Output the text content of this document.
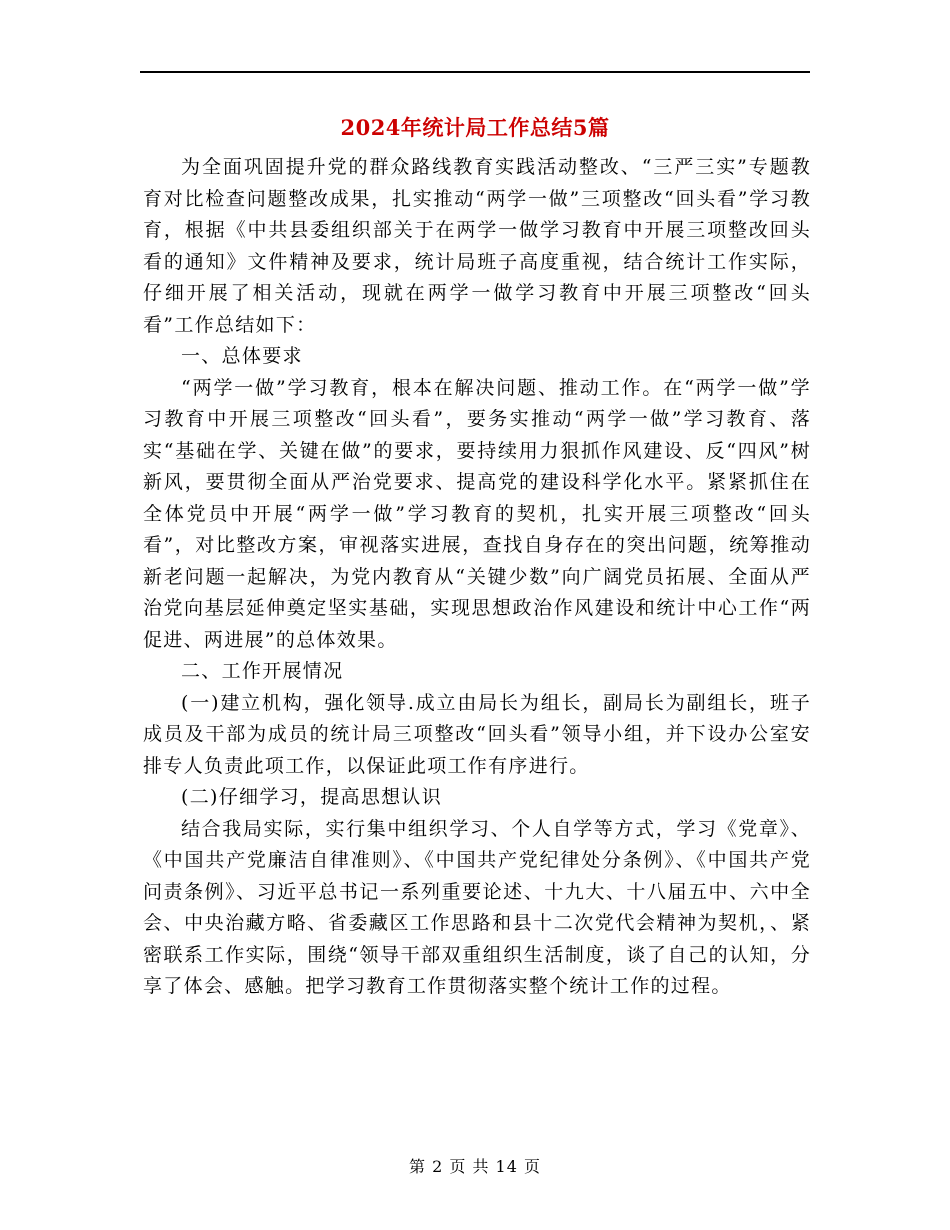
2024年统计局工作总结5篇

为全面巩固提升党的群众路线教育实践活动整改、“三严三实”专题教育对比检查问题整改成果，扎实推动“两学一做”三项整改“回头看”学习教育，根据《中共县委组织部关于在两学一做学习教育中开展三项整改回头看的通知》文件精神及要求，统计局班子高度重视，结合统计工作实际，仔细开展了相关活动，现就在两学一做学习教育中开展三项整改“回头看”工作总结如下：

一、总体要求

“两学一做”学习教育，根本在解决问题、推动工作。在“两学一做”学习教育中开展三项整改“回头看”，要务实推动“两学一做”学习教育、落实“基础在学、关键在做”的要求，要持续用力狠抓作风建设、反“四风”树新风，要贯彻全面从严治党要求、提高党的建设科学化水平。紧紧抓住在全体党员中开展“两学一做”学习教育的契机，扎实开展三项整改“回头看”，对比整改方案，审视落实进展，查找自身存在的突出问题，统筹推动新老问题一起解决，为党内教育从“关键少数”向广阔党员拓展、全面从严治党向基层延伸奠定坚实基础，实现思想政治作风建设和统计中心工作“两促进、两进展”的总体效果。

二、工作开展情况

(一)建立机构，强化领导.成立由局长为组长，副局长为副组长，班子成员及干部为成员的统计局三项整改“回头看”领导小组，并下设办公室安排专人负责此项工作，以保证此项工作有序进行。

(二)仔细学习，提高思想认识

结合我局实际，实行集中组织学习、个人自学等方式，学习《党章》、《中国共产党廉洁自律准则》、《中国共产党纪律处分条例》、《中国共产党问责条例》、习近平总书记一系列重要论述、十九大、十八届五中、六中全会、中央治藏方略、省委藏区工作思路和县十二次党代会精神为契机，、紧密联系工作实际，围绕“领导干部双重组织生活制度，谈了自己的认知，分享了体会、感触。把学习教育工作贯彻落实整个统计工作的过程。

第 2 页 共 14 页
